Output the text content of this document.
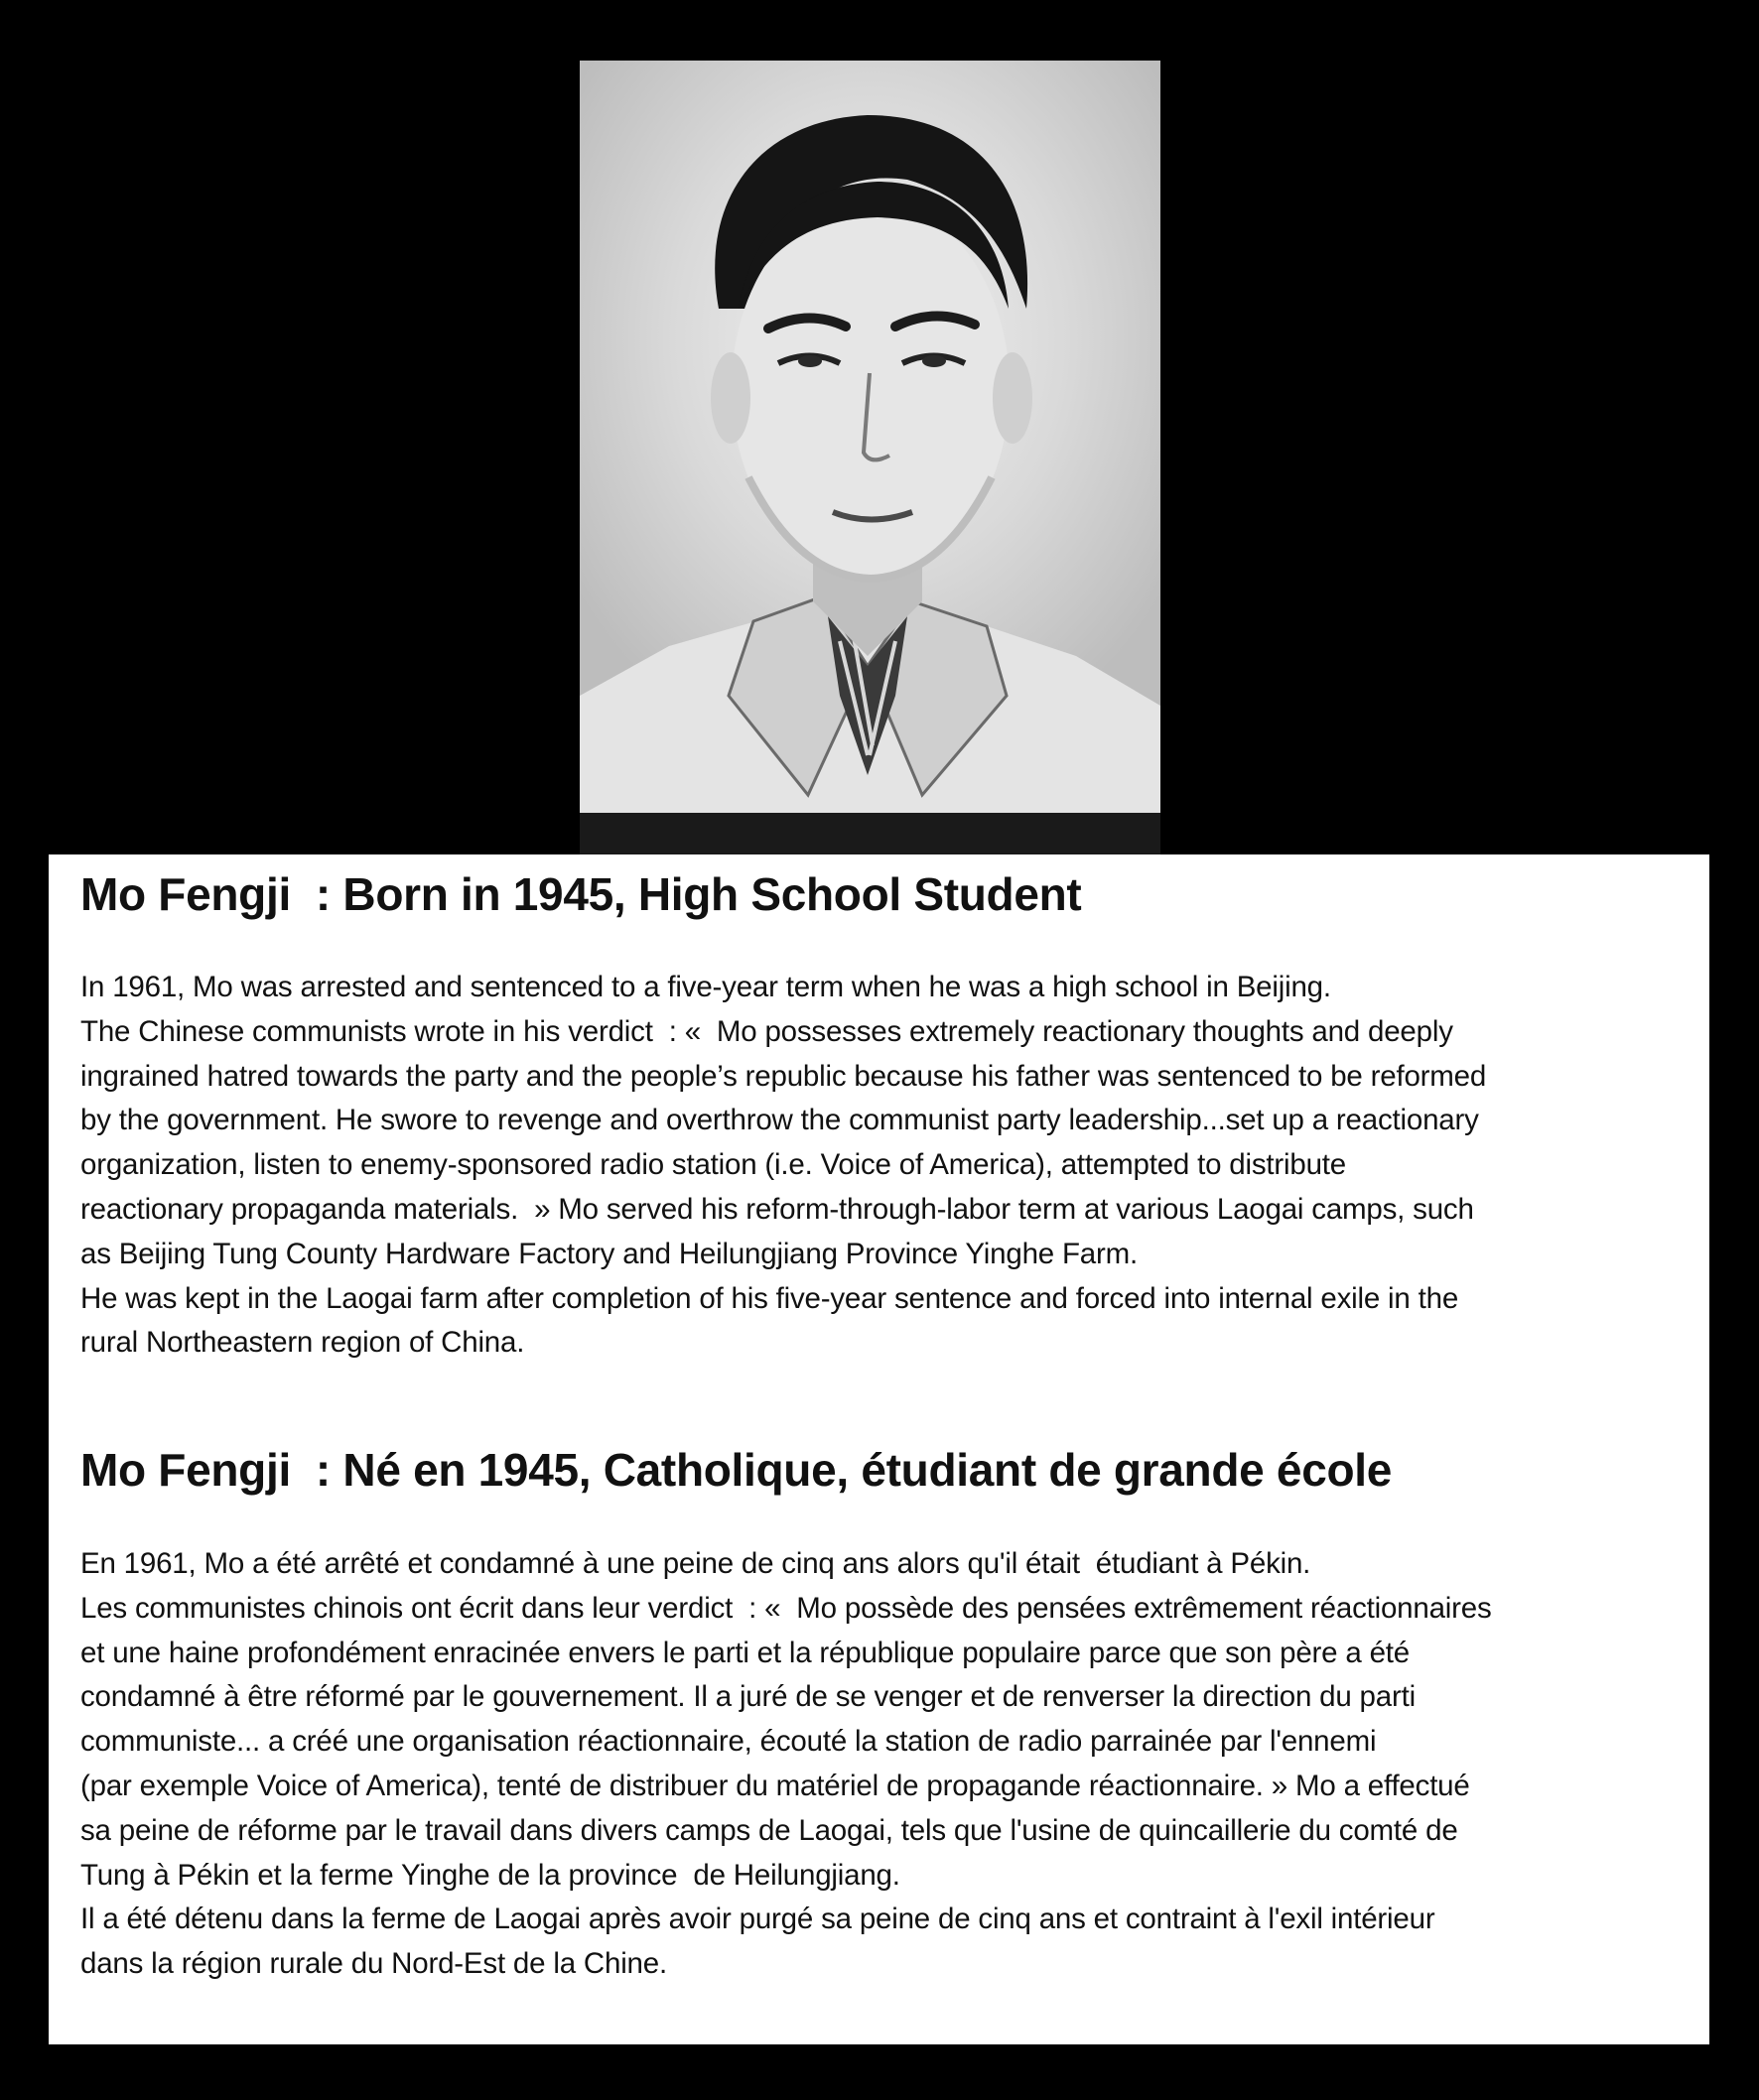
Mo Fengji  : Born in 1945, High School Student
In 1961, Mo was arrested and sentenced to a five-year term when he was a high school in Beijing.
The Chinese communists wrote in his verdict  : «  Mo possesses extremely reactionary thoughts and deeply
ingrained hatred towards the party and the people’s republic because his father was sentenced to be reformed
by the government. He swore to revenge and overthrow the communist party leadership...set up a reactionary
organization, listen to enemy-sponsored radio station (i.e. Voice of America), attempted to distribute
reactionary propaganda materials.  » Mo served his reform-through-labor term at various Laogai camps, such
as Beijing Tung County Hardware Factory and Heilungjiang Province Yinghe Farm.
He was kept in the Laogai farm after completion of his five-year sentence and forced into internal exile in the
rural Northeastern region of China.
Mo Fengji  : Né en 1945, Catholique, étudiant de grande école
En 1961, Mo a été arrêté et condamné à une peine de cinq ans alors qu'il était  étudiant à Pékin.
Les communistes chinois ont écrit dans leur verdict  : «  Mo possède des pensées extrêmement réactionnaires
et une haine profondément enracinée envers le parti et la république populaire parce que son père a été
condamné à être réformé par le gouvernement. Il a juré de se venger et de renverser la direction du parti
communiste... a créé une organisation réactionnaire, écouté la station de radio parrainée par l'ennemi
(par exemple Voice of America), tenté de distribuer du matériel de propagande réactionnaire. » Mo a effectué
sa peine de réforme par le travail dans divers camps de Laogai, tels que l'usine de quincaillerie du comté de
Tung à Pékin et la ferme Yinghe de la province  de Heilungjiang.
Il a été détenu dans la ferme de Laogai après avoir purgé sa peine de cinq ans et contraint à l'exil intérieur
dans la région rurale du Nord-Est de la Chine.
